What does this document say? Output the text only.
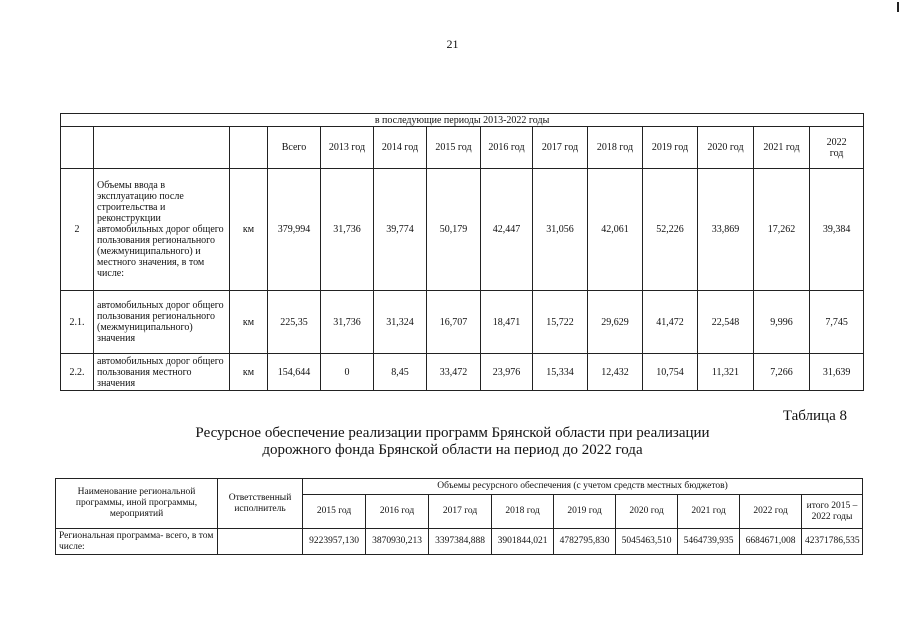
21
в последующие периоды 2013-2022 годы													
			Всего	2013 год	2014 год	2015 год	2016 год	2017 год	2018 год	2019 год	2020 год	2021 год	2022 год
2	Объемы ввода в эксплуатацию после строительства и реконструкции автомобильных дорог общего пользования регионального (межмуниципального) и местного значения, в том числе:	км	379,994	31,736	39,774	50,179	42,447	31,056	42,061	52,226	33,869	17,262	39,384
2.1.	автомобильных дорог общего пользования регионального (межмуниципального) значения	км	225,35	31,736	31,324	16,707	18,471	15,722	29,629	41,472	22,548	9,996	7,745
2.2.	автомобильных дорог общего пользования местного значения	км	154,644	0	8,45	33,472	23,976	15,334	12,432	10,754	11,321	7,266	31,639
Таблица 8
Ресурсное обеспечение реализации программ Брянской области при реализации
дорожного фонда Брянской области на период до 2022 года
Наименование региональной программы, иной программы, мероприятий	Ответственный исполнитель	Объемы ресурсного обеспечения (с учетом средств местных бюджетов)								
		2015 год	2016 год	2017 год	2018 год	2019 год	2020 год	2021 год	2022 год	итого 2015 – 2022 годы
Региональная программа- всего, в том числе:		9223957,130	3870930,213	3397384,888	3901844,021	4782795,830	5045463,510	5464739,935	6684671,008	42371786,535
